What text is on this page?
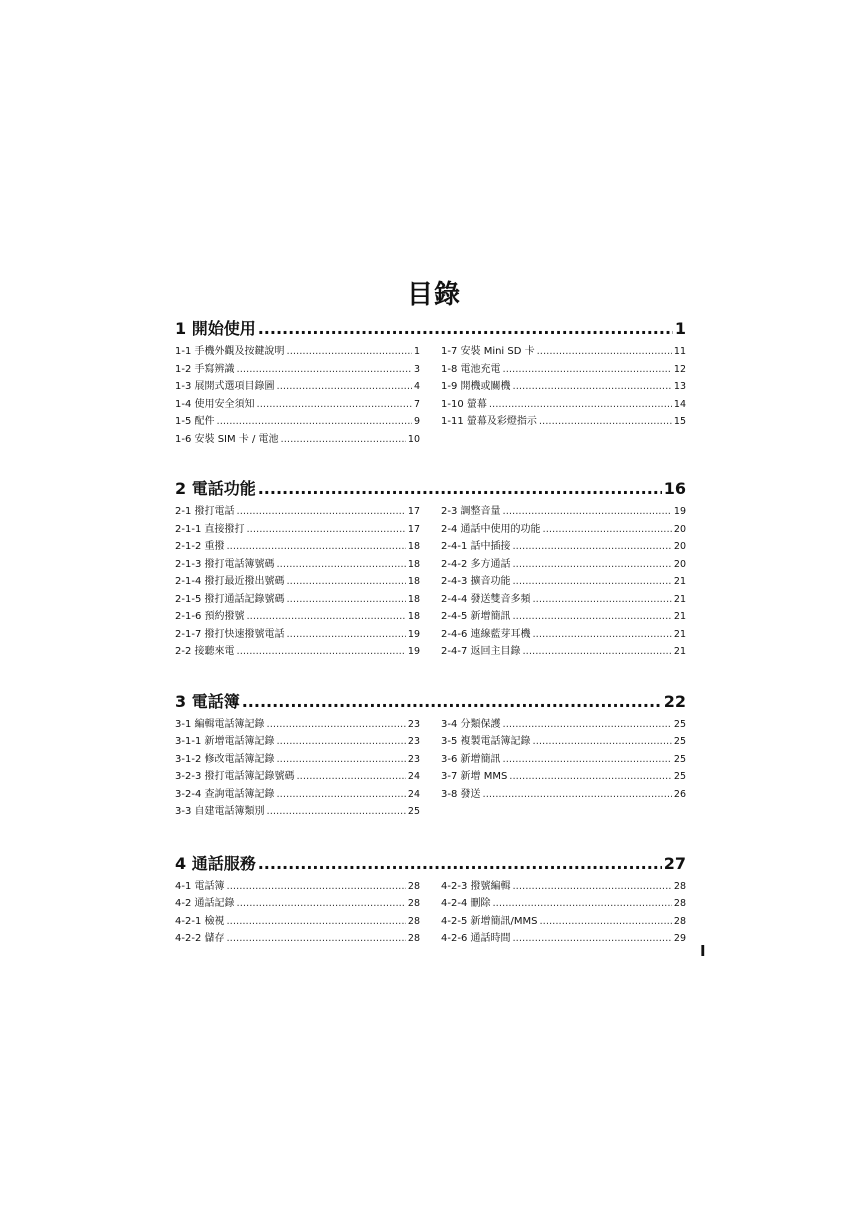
目錄
1 開始使用 .....	1
1-1 手機外觀及按鍵說明 .....	1
1-2 手寫辨識 .....	3
1-3 展開式選項目錄圖 .....	4
1-4 使用安全須知 .....	7
1-5 配件 .....	9
1-6 安裝 SIM 卡 / 電池 .....	10
1-7 安裝 Mini SD 卡 .....	11
1-8 電池充電 .....	12
1-9 開機或關機 .....	13
1-10 螢幕 .....	14
1-11 螢幕及彩燈指示 .....	15
2 電話功能 .....	16
2-1 撥打電話 .....	17
2-1-1 直接撥打 .....	17
2-1-2 重撥 .....	18
2-1-3 撥打電話簿號碼 .....	18
2-1-4 撥打最近撥出號碼 .....	18
2-1-5 撥打通話記錄號碼 .....	18
2-1-6 預約撥號 .....	18
2-1-7 撥打快速撥號電話 .....	19
2-2 接聽來電 .....	19
2-3 調整音量 .....	19
2-4 通話中使用的功能 .....	20
2-4-1 話中插接 .....	20
2-4-2 多方通話 .....	20
2-4-3 擴音功能 .....	21
2-4-4 發送雙音多頻 .....	21
2-4-5 新增簡訊 .....	21
2-4-6 連線藍芽耳機 .....	21
2-4-7 返回主目錄 .....	21
3 電話簿 .....	22
3-1 編輯電話簿記錄 .....	23
3-1-1 新增電話簿記錄 .....	23
3-1-2 修改電話簿記錄 .....	23
3-2-3 撥打電話簿記錄號碼 .....	24
3-2-4 查詢電話簿記錄 .....	24
3-3 自建電話簿類別 .....	25
3-4 分類保護 .....	25
3-5 複製電話簿記錄 .....	25
3-6 新增簡訊 .....	25
3-7 新增 MMS .....	25
3-8 發送 .....	26
4 通話服務 .....	27
4-1 電話簿 .....	28
4-2 通話記錄 .....	28
4-2-1 檢視 .....	28
4-2-2 儲存 .....	28
4-2-3 撥號編輯 .....	28
4-2-4 刪除 .....	28
4-2-5 新增簡訊/MMS .....	28
4-2-6 通話時間 .....	29
I
